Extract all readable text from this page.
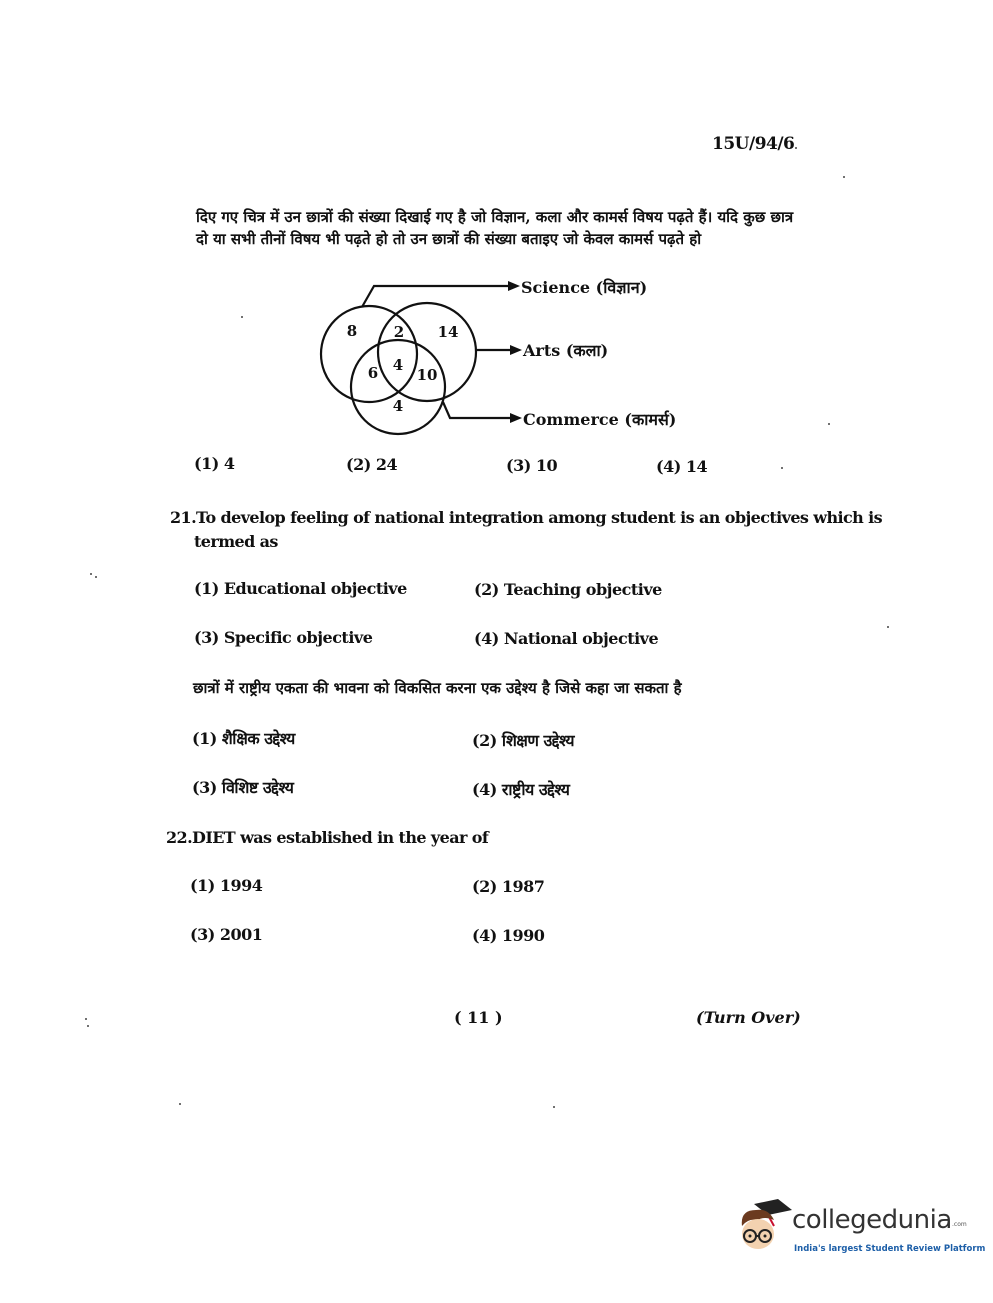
15U/94/6
दिए गए चित्र में उन छात्रों की संख्या दिखाई गए है जो विज्ञान, कला और कामर्स विषय पढ़ते हैं। यदि कुछ छात्र दो या सभी तीनों विषय भी पढ़ते हो तो उन छात्रों की संख्या बताइए जो केवल कामर्स पढ़ते हो
8 2 14
6 4
10
4
Science (विज्ञान)
Arts (कला)
Commerce (कामर्स)
(1) 4	(2) 24	(3) 10	(4) 14
21.To develop feeling of national integration among student is an objectives which is
termed as
(1) Educational objective	(2) Teaching objective
(3) Specific objective	(4) National objective
छात्रों में राष्ट्रीय एकता की भावना को विकसित करना एक उद्देश्य है जिसे कहा जा सकता है
(1) शैक्षिक उद्देश्य	(2) शिक्षण उद्देश्य
(3) विशिष्ट उद्देश्य	(4) राष्ट्रीय उद्देश्य
22.DIET was established in the year of
(1) 1994	(2) 1987
(3) 2001	(4) 1990
( 11 )	(Turn Over)
collegedunia .com
India's largest Student Review Platform
